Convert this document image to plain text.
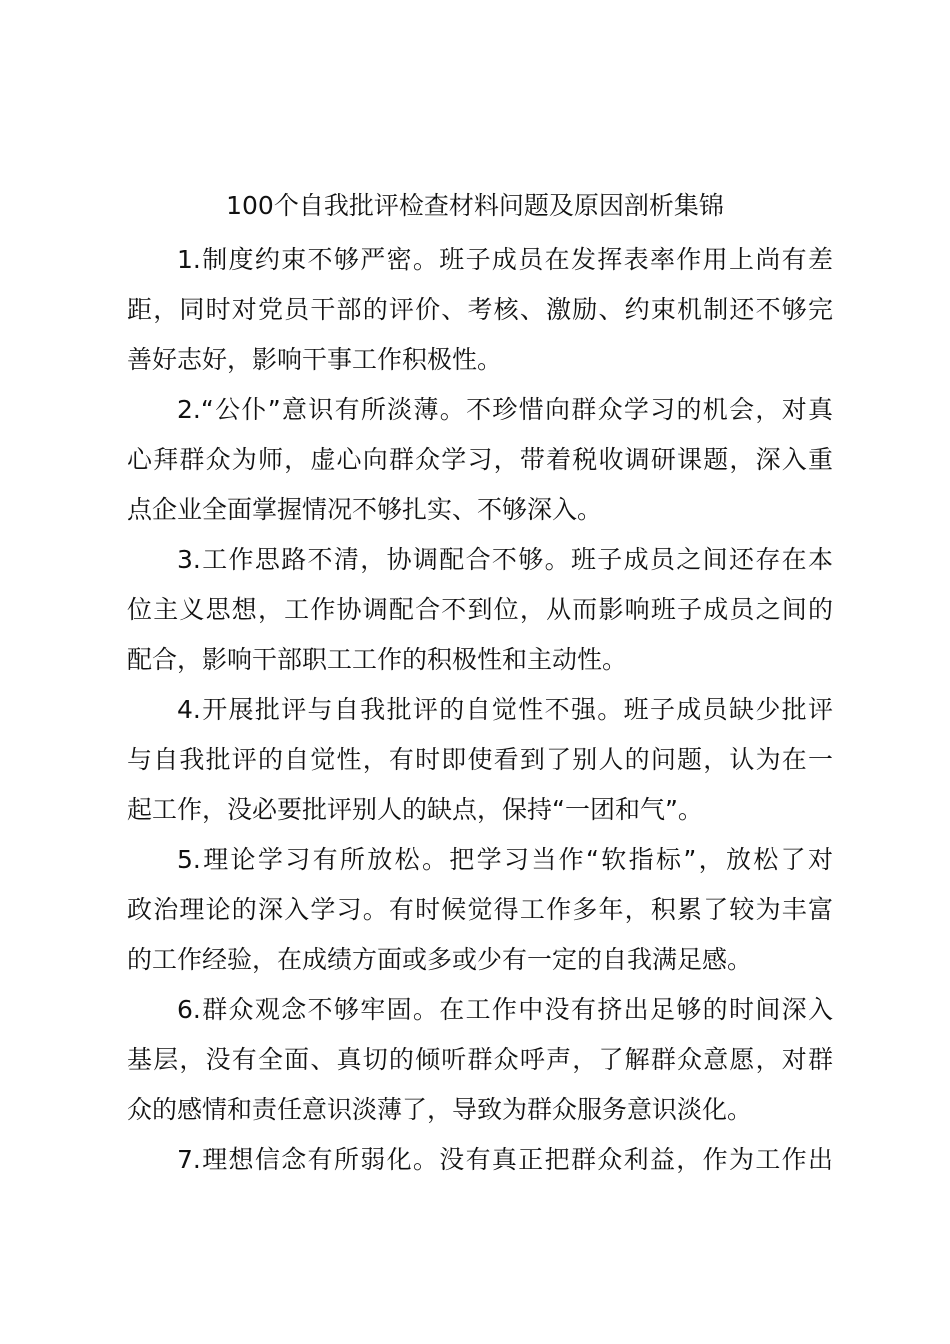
100个自我批评检查材料问题及原因剖析集锦
1.制度约束不够严密。班子成员在发挥表率作用上尚有差
距，同时对党员干部的评价、考核、激励、约束机制还不够完
善好志好，影响干事工作积极性。
2.“公仆”意识有所淡薄。不珍惜向群众学习的机会，对真
心拜群众为师，虚心向群众学习，带着税收调研课题，深入重
点企业全面掌握情况不够扎实、不够深入。
3.工作思路不清，协调配合不够。班子成员之间还存在本
位主义思想，工作协调配合不到位，从而影响班子成员之间的
配合，影响干部职工工作的积极性和主动性。
4.开展批评与自我批评的自觉性不强。班子成员缺少批评
与自我批评的自觉性，有时即使看到了别人的问题，认为在一
起工作，没必要批评别人的缺点，保持“一团和气”。
5.理论学习有所放松。把学习当作“软指标”，放松了对
政治理论的深入学习。有时候觉得工作多年，积累了较为丰富
的工作经验，在成绩方面或多或少有一定的自我满足感。
6.群众观念不够牢固。在工作中没有挤出足够的时间深入
基层，没有全面、真切的倾听群众呼声，了解群众意愿，对群
众的感情和责任意识淡薄了，导致为群众服务意识淡化。
7.理想信念有所弱化。没有真正把群众利益，作为工作出
